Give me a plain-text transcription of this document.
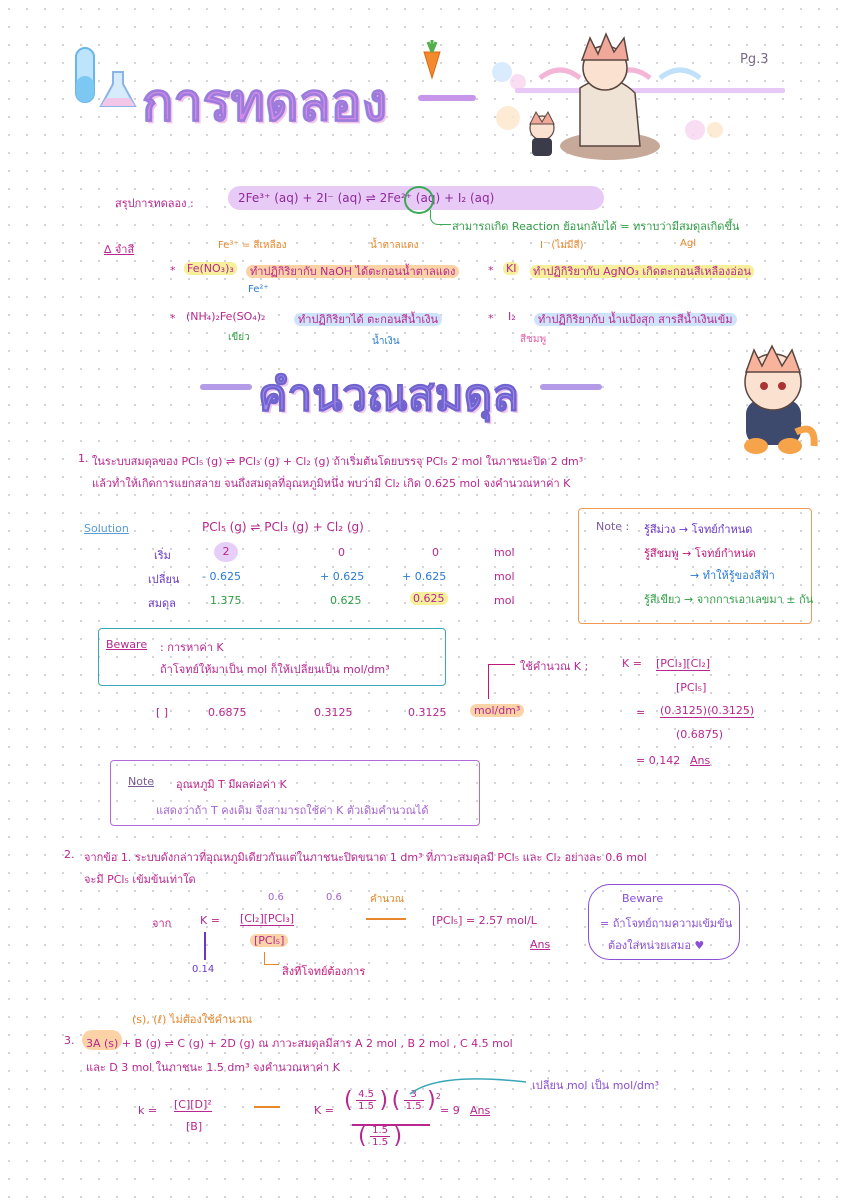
การทดลอง
Pg.3
สรุปการทดลอง :	2Fe³⁺ (aq) + 2I⁻ (aq) ⇌ 2Fe²⁺ (aq) + I₂ (aq)
สามารถเกิด Reaction ย้อนกลับได้ = ทราบว่ามีสมดุลเกิดขึ้น
∆ จำสี	Fe³⁺ = สีเหลือง	น้ำตาลแดง	I⁻ (ไม่มีสี)	AgI
* Fe(NO₃)₃	ทำปฏิกิริยากับ NaOH ได้ตะกอนน้ำตาลแดง	* KI ทำปฏิกิริยากับ AgNO₃ เกิดตะกอนสีเหลืองอ่อน
Fe²⁺
* (NH₄)₂Fe(SO₄)₂	ทำปฏิกิริยาได้ ตะกอนสีน้ำเงิน	* I₂	ทำปฏิกิริยากับ น้ำแป้งสุก สารสีน้ำเงินเข้ม
เขียว	น้ำเงิน	สีชมพู
คำนวณสมดุล
1. ในระบบสมดุลของ PCl₅ (g) ⇌ PCl₃ (g) + Cl₂ (g) ถ้าเริ่มต้นโดยบรรจุ PCl₅ 2 mol ในภาชนะปิด 2 dm³
แล้วทำให้เกิดการแยกสลาย จนถึงสมดุลที่อุณหภูมิหนึ่ง พบว่ามี Cl₂ เกิด 0.625 mol จงคำนวณหาค่า K
Solution	PCl₅ (g) ⇌ PCl₃ (g) + Cl₂ (g)
เริ่ม	2	0	0	mol
เปลี่ยน - 0.625	+ 0.625	+ 0.625	mol
สมดุล	1.375	0.625	0.625	mol
Note : รู้สีม่วง → โจทย์กำหนด
รู้สีชมพู → โจทย์กำหนด
→ ทำให้รู้ของสีฟ้า
รู้สีเขียว → จากการเอาเลขมา ± กัน
Beware : การหาค่า K
ถ้าโจทย์ให้มาเป็น mol ก็ให้เปลี่ยนเป็น mol/dm³
[ ]	0.6875	0.3125	0.3125	mol/dm³
ใช้คำนวณ K ;	K = [PCl₃][Cl₂]
[PCl₅]
= (0.3125)(0.3125)
(0.6875)
= 0.142 Ans
Note อุณหภูมิ T มีผลต่อค่า K
แสดงว่าถ้า T คงเดิม จึงสามารถใช้ค่า K ตัวเดิมคำนวณได้
2. จากข้อ 1. ระบบดังกล่าวที่อุณหภูมิเดียวกันแต่ในภาชนะปิดขนาด 1 dm³ ที่ภาวะสมดุลมี PCl₅ และ Cl₂ อย่างละ 0.6 mol
จะมี PCl₅ เข้มข้นเท่าใด
0.6	0.6	คำนวณ
จาก	K = [Cl₂][PCl₃]
[PCl₅]
[PCl₅] = 2.57 mol/L
Ans
0.14	สิ่งที่โจทย์ต้องการ
Beware
= ถ้าโจทย์ถามความเข้มข้น
ต้องใส่หน่วยเสมอ ♥
(s), (ℓ) ไม่ต้องใช้คำนวณ
3. 3A (s) + B (g) ⇌ C (g) + 2D (g) ณ ภาวะสมดุลมีสาร A 2 mol , B 2 mol , C 4.5 mol
และ D 3 mol ในภาชนะ 1.5 dm³ จงคำนวณหาค่า K
k = [C][D]²
[B]
K = ( $\frac{4.5}{1.5}$ ) ( $\frac{3}{1.5} )^2$
( $\frac{1.5}{1.5}$ )
= 9 Ans
เปลี่ยน mol เป็น mol/dm³
